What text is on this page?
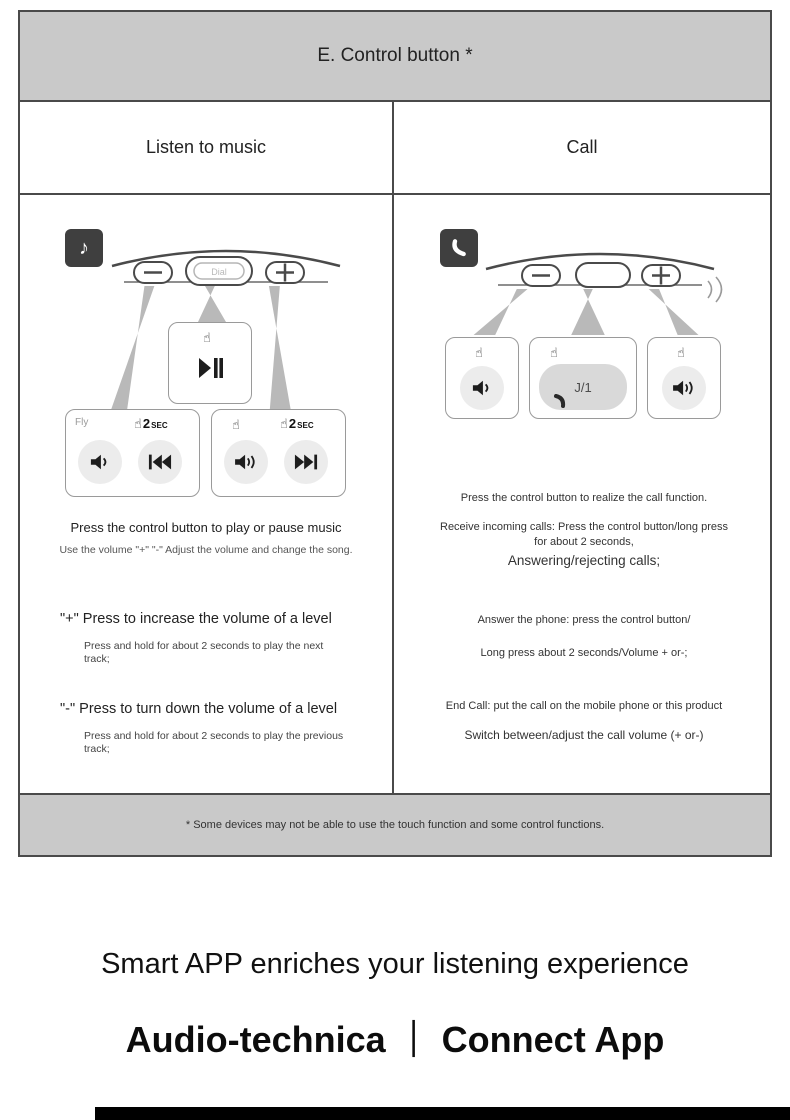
E. Control button *
Listen to music	Call
♪
Dial
☝
Fly	☝ 2 SEC	☝	☝ 2 SEC
Press the control button to play or pause music
Use the volume "+" "-" Adjust the volume and change the song.
"+" Press to increase the volume of a level
Press and hold for about 2 seconds to play the next track;
"-" Press to turn down the volume of a level
Press and hold for about 2 seconds to play the previous track;
☝	☝
J/1
☝
Press the control button to realize the call function.
Receive incoming calls: Press the control button/long press for about 2 seconds,
Answering/rejecting calls;
Answer the phone: press the control button/
Long press about 2 seconds/Volume + or-;
End Call: put the call on the mobile phone or this product
Switch between/adjust the call volume (+ or-)
* Some devices may not be able to use the touch function and some control functions.
Smart APP enriches your listening experience
Audio-technica ｜ Connect App
